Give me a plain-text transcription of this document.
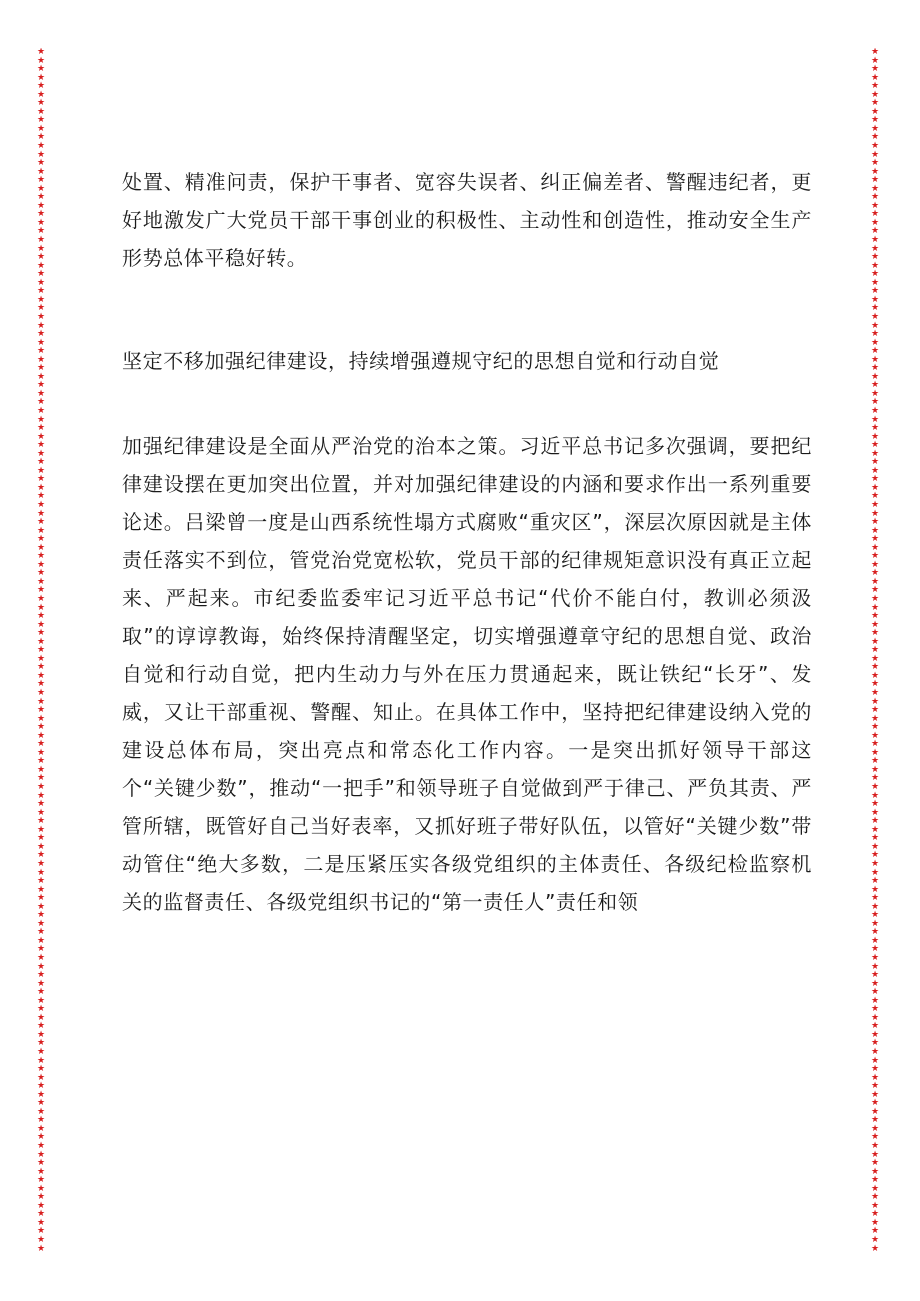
★
★
★
★
★
★
★
★
★
★
★
★
★
★
★
★
★
★
★
★
★
★
★
★
★
★
★
★
★
★
★
★
★
★
★
★
★
★
★
★
★
★
★
★
★
★
★
★
★
★
★
★
★
★
★
★
★
★
★
★
★
★
★
★
★
★
★
★
★
★
★
★
★
★
★
★
★
★
★
★
★
★
★
★
★
★
★
★
★
★
★
★
★
★
★
★
★
★
★
★
★
★
★
★
★
★
★
★
★
★
★
★
★
★
★
★
★
★
★
★
★
★
★
★
★
★
★
★
★
★
★
★
★
★
★
★
★
★
★
★
★
★
★
★
★
★
★
★
★
★
★
★
★
★
★
★
★
★
★
★
★
★
★
★
★
★
★
★
★
★
★
★
★
★
★
★
★
★
★
★
★
★
★
★
★
★
★
★
★
★
★
★
★
★
★
★
★
★
★
★
★
★
★
★
★
★
★
★
★
★
★
★
★
★
★
★
★
★
★
★
★
★
★
★
★
★
★
★
★
★
★
★
★
★
★
★
★
★
★
★
★
★
★
★
★
★
★
★
★
★
★
★
★
★
★
★
★
★
★
★
★
★
★
★
★
★
★
★
★
★
★
★
★
★
★
★
★
★
★
★
★
★

处置、精准问责，保护干事者、宽容失误者、纠正偏差者、警醒违纪者，更好地激发广大党员干部干事创业的积极性、主动性和创造性，推动安全生产形势总体平稳好转。

坚定不移加强纪律建设，持续增强遵规守纪的思想自觉和行动自觉

加强纪律建设是全面从严治党的治本之策。习近平总书记多次强调，要把纪律建设摆在更加突出位置，并对加强纪律建设的内涵和要求作出一系列重要论述。吕梁曾一度是山西系统性塌方式腐败“重灾区”，深层次原因就是主体责任落实不到位，管党治党宽松软，党员干部的纪律规矩意识没有真正立起来、严起来。市纪委监委牢记习近平总书记“代价不能白付，教训必须汲取”的谆谆教诲，始终保持清醒坚定，切实增强遵章守纪的思想自觉、政治自觉和行动自觉，把内生动力与外在压力贯通起来，既让铁纪“长牙”、发威，又让干部重视、警醒、知止。在具体工作中，坚持把纪律建设纳入党的建设总体布局，突出亮点和常态化工作内容。一是突出抓好领导干部这个“关键少数”，推动“一把手”和领导班子自觉做到严于律己、严负其责、严管所辖，既管好自己当好表率，又抓好班子带好队伍，以管好“关键少数”带动管住“绝大多数，二是压紧压实各级党组织的主体责任、各级纪检监察机关的监督责任、各级党组织书记的“第一责任人”责任和领
